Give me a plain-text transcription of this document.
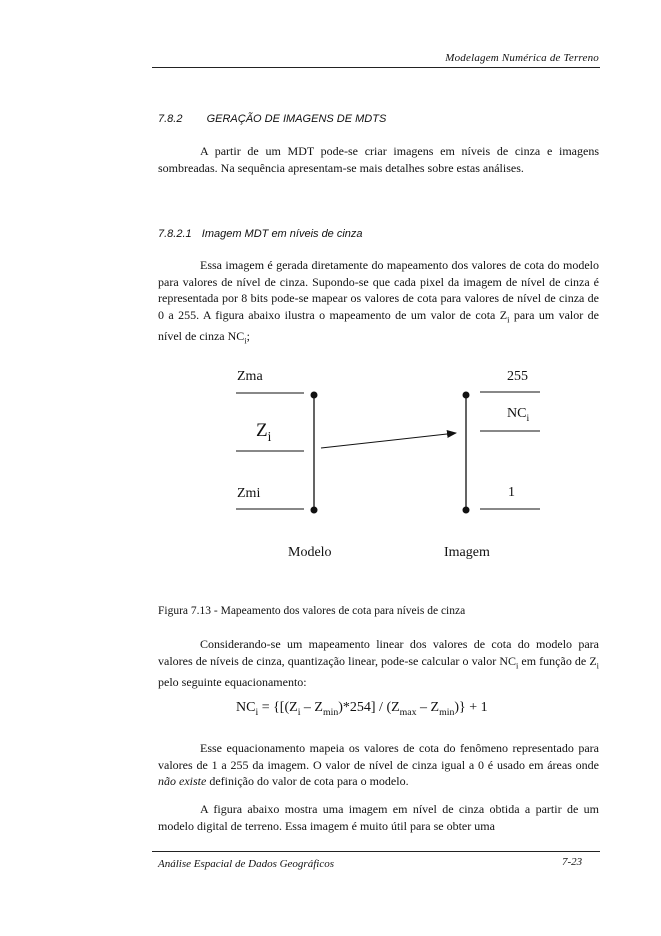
Modelagem Numérica de Terreno
7.8.2 GERAÇÃO DE IMAGENS DE MDTS
A partir de um MDT pode-se criar imagens em níveis de cinza e imagens sombreadas. Na sequência apresentam-se mais detalhes sobre estas análises.
7.8.2.1 Imagem MDT em níveis de cinza
Essa imagem é gerada diretamente do mapeamento dos valores de cota do modelo para valores de nível de cinza. Supondo-se que cada pixel da imagem de nível de cinza é representada por 8 bits pode-se mapear os valores de cota para valores de nível de cinza de 0 a 255. A figura abaixo ilustra o mapeamento de um valor de cota $Z_i$ para um valor de nível de cinza $NC_i$;
Zma
$Z_i$
Zmi
255
$NC_i$
1
Modelo	Imagem
Figura 7.13 - Mapeamento dos valores de cota para níveis de cinza
Considerando-se um mapeamento linear dos valores de cota do modelo para valores de níveis de cinza, quantização linear, pode-se calcular o valor $NC_i$ em função de $Z_i$ pelo seguinte equacionamento:
$NC_i = \{[(Z_i - Z_{min})*254] / (Z_{max} - Z_{min})\} + 1$
Esse equacionamento mapeia os valores de cota do fenômeno representado para valores de 1 a 255 da imagem. O valor de nível de cinza igual a 0 é usado em áreas onde não existe definição do valor de cota para o modelo.
A figura abaixo mostra uma imagem em nível de cinza obtida a partir de um modelo digital de terreno. Essa imagem é muito útil para se obter uma
Análise Espacial de Dados Geográficos	7-23
